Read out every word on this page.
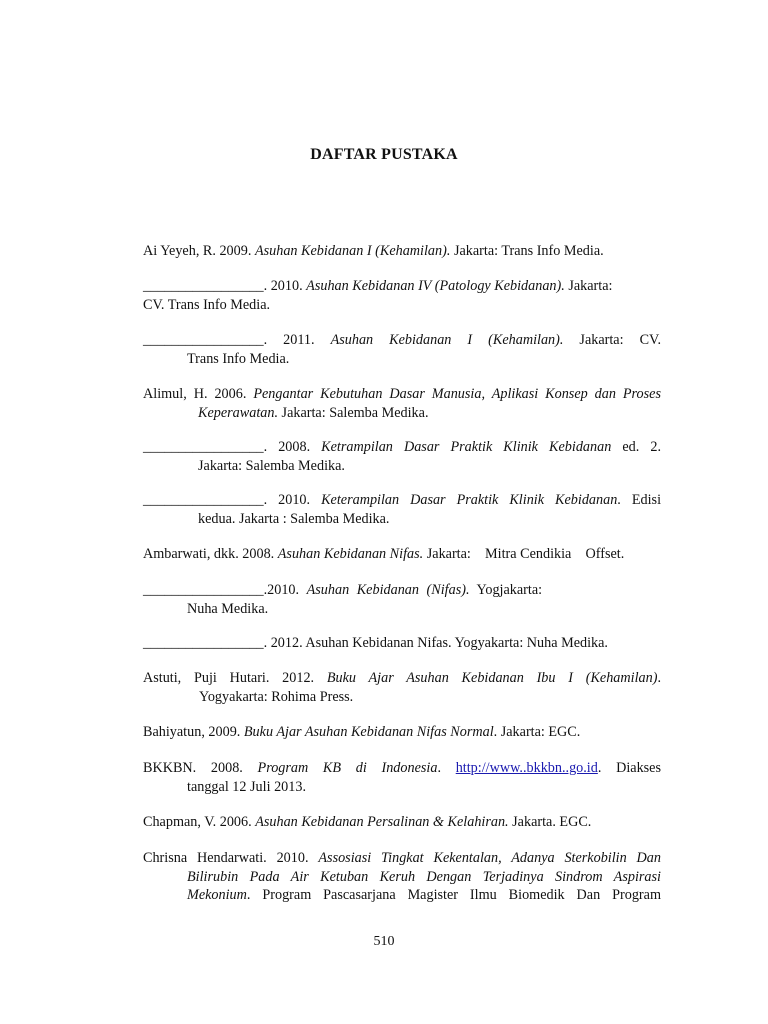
DAFTAR PUSTAKA
Ai Yeyeh, R. 2009. Asuhan Kebidanan I (Kehamilan). Jakarta: Trans Info Media.
_________________. 2010. Asuhan Kebidanan IV (Patology Kebidanan). Jakarta:
CV. Trans Info Media.
_________________. 2011. Asuhan Kebidanan I (Kehamilan). Jakarta: CV.
Trans Info Media.
Alimul, H. 2006. Pengantar Kebutuhan Dasar Manusia, Aplikasi Konsep dan Proses
Keperawatan. Jakarta: Salemba Medika.
_________________. 2008. Ketrampilan Dasar Praktik Klinik Kebidanan ed. 2.
Jakarta: Salemba Medika.
_________________. 2010. Keterampilan Dasar Praktik Klinik Kebidanan. Edisi
kedua. Jakarta : Salemba Medika.
Ambarwati, dkk. 2008. Asuhan Kebidanan Nifas. Jakarta:    Mitra Cendikia    Offset.
_________________.2010. Asuhan Kebidanan (Nifas). Yogjakarta:
Nuha Medika.
_________________. 2012. Asuhan Kebidanan Nifas. Yogyakarta: Nuha Medika.
Astuti, Puji Hutari. 2012. Buku Ajar Asuhan Kebidanan Ibu I (Kehamilan).
Yogyakarta: Rohima Press.
Bahiyatun, 2009. Buku Ajar Asuhan Kebidanan Nifas Normal. Jakarta: EGC.
BKKBN. 2008. Program KB di Indonesia. http://www..bkkbn..go.id. Diakses
tanggal 12 Juli 2013.
Chapman, V. 2006. Asuhan Kebidanan Persalinan & Kelahiran. Jakarta. EGC.
Chrisna Hendarwati. 2010. Assosiasi Tingkat Kekentalan, Adanya Sterkobilin Dan
Bilirubin Pada Air Ketuban Keruh Dengan Terjadinya Sindrom Aspirasi
Mekonium. Program Pascasarjana Magister Ilmu Biomedik Dan Program
510
